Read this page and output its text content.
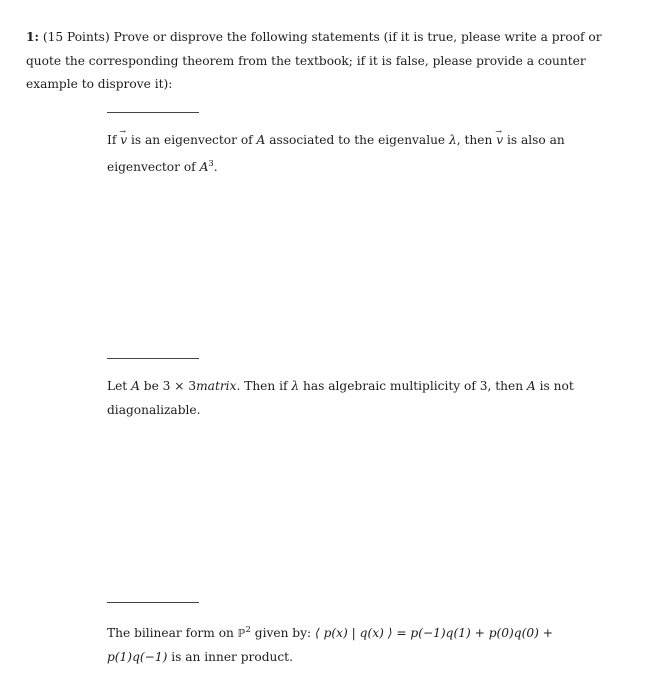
1: (15 Points) Prove or disprove the following statements (if it is true, please write a proof or quote the corresponding theorem from the textbook; if it is false, please provide a counter example to disprove it):
If → v is an eigenvector of A associated to the eigenvalue λ, then → v is also an eigenvector of $A^3$.
Let A be 3 × 3matrix. Then if λ has algebraic multiplicity of 3, then A is not diagonalizable.
The bilinear form on ℙ$^2$ given by: ⟨ p(x) | q(x) ⟩ = p(−1)q(1) + p(0)q(0) + p(1)q(−1) is an inner product.
